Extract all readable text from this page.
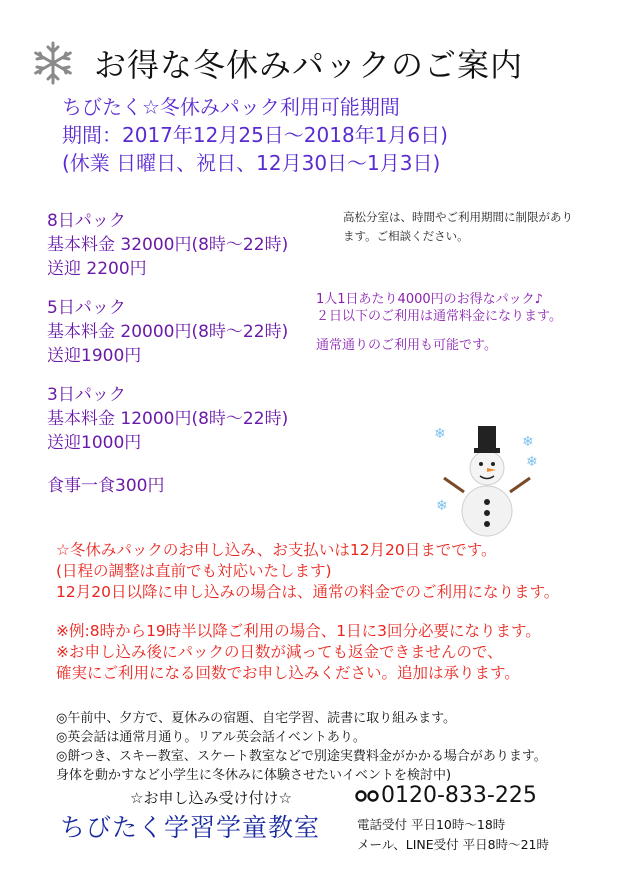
お得な冬休みパックのご案内
ちびたく☆冬休みパック利用可能期間
期間：2017年12月25日～2018年1月6日)
(休業 日曜日、祝日、12月30日～1月3日)
8日パック
基本料金 32000円(8時～22時)
送迎 2200円
5日パック
基本料金 20000円(8時～22時)
送迎1900円
3日パック
基本料金 12000円(8時～22時)
送迎1000円
食事一食300円
高松分室は、時間やご利用期間に制限があり
ます。ご相談ください。
1人1日あたり4000円のお得なパック♪
２日以下のご利用は通常料金になります。
通常通りのご利用も可能です。
❄	❄
❄
❄
☆冬休みパックのお申し込み、お支払いは12月20日までです。
(日程の調整は直前でも対応いたします)
12月20日以降に申し込みの場合は、通常の料金でのご利用になります。
※例:8時から19時半以降ご利用の場合、1日に3回分必要になります。
※お申し込み後にパックの日数が減っても返金できませんので、
確実にご利用になる回数でお申し込みください。追加は承ります。
◎午前中、夕方で、夏休みの宿題、自宅学習、読書に取り組みます。
◎英会話は通常月通り。リアル英会話イベントあり。
◎餅つき、スキー教室、スケート教室などで別途実費料金がかかる場合があります。
身体を動かすなど小学生に冬休みに体験させたいイベントを検討中)
☆お申し込み受け付け☆
ちびたく学習学童教室
0120-833-225
電話受付 平日10時～18時
メール、LINE受付 平日8時～21時
